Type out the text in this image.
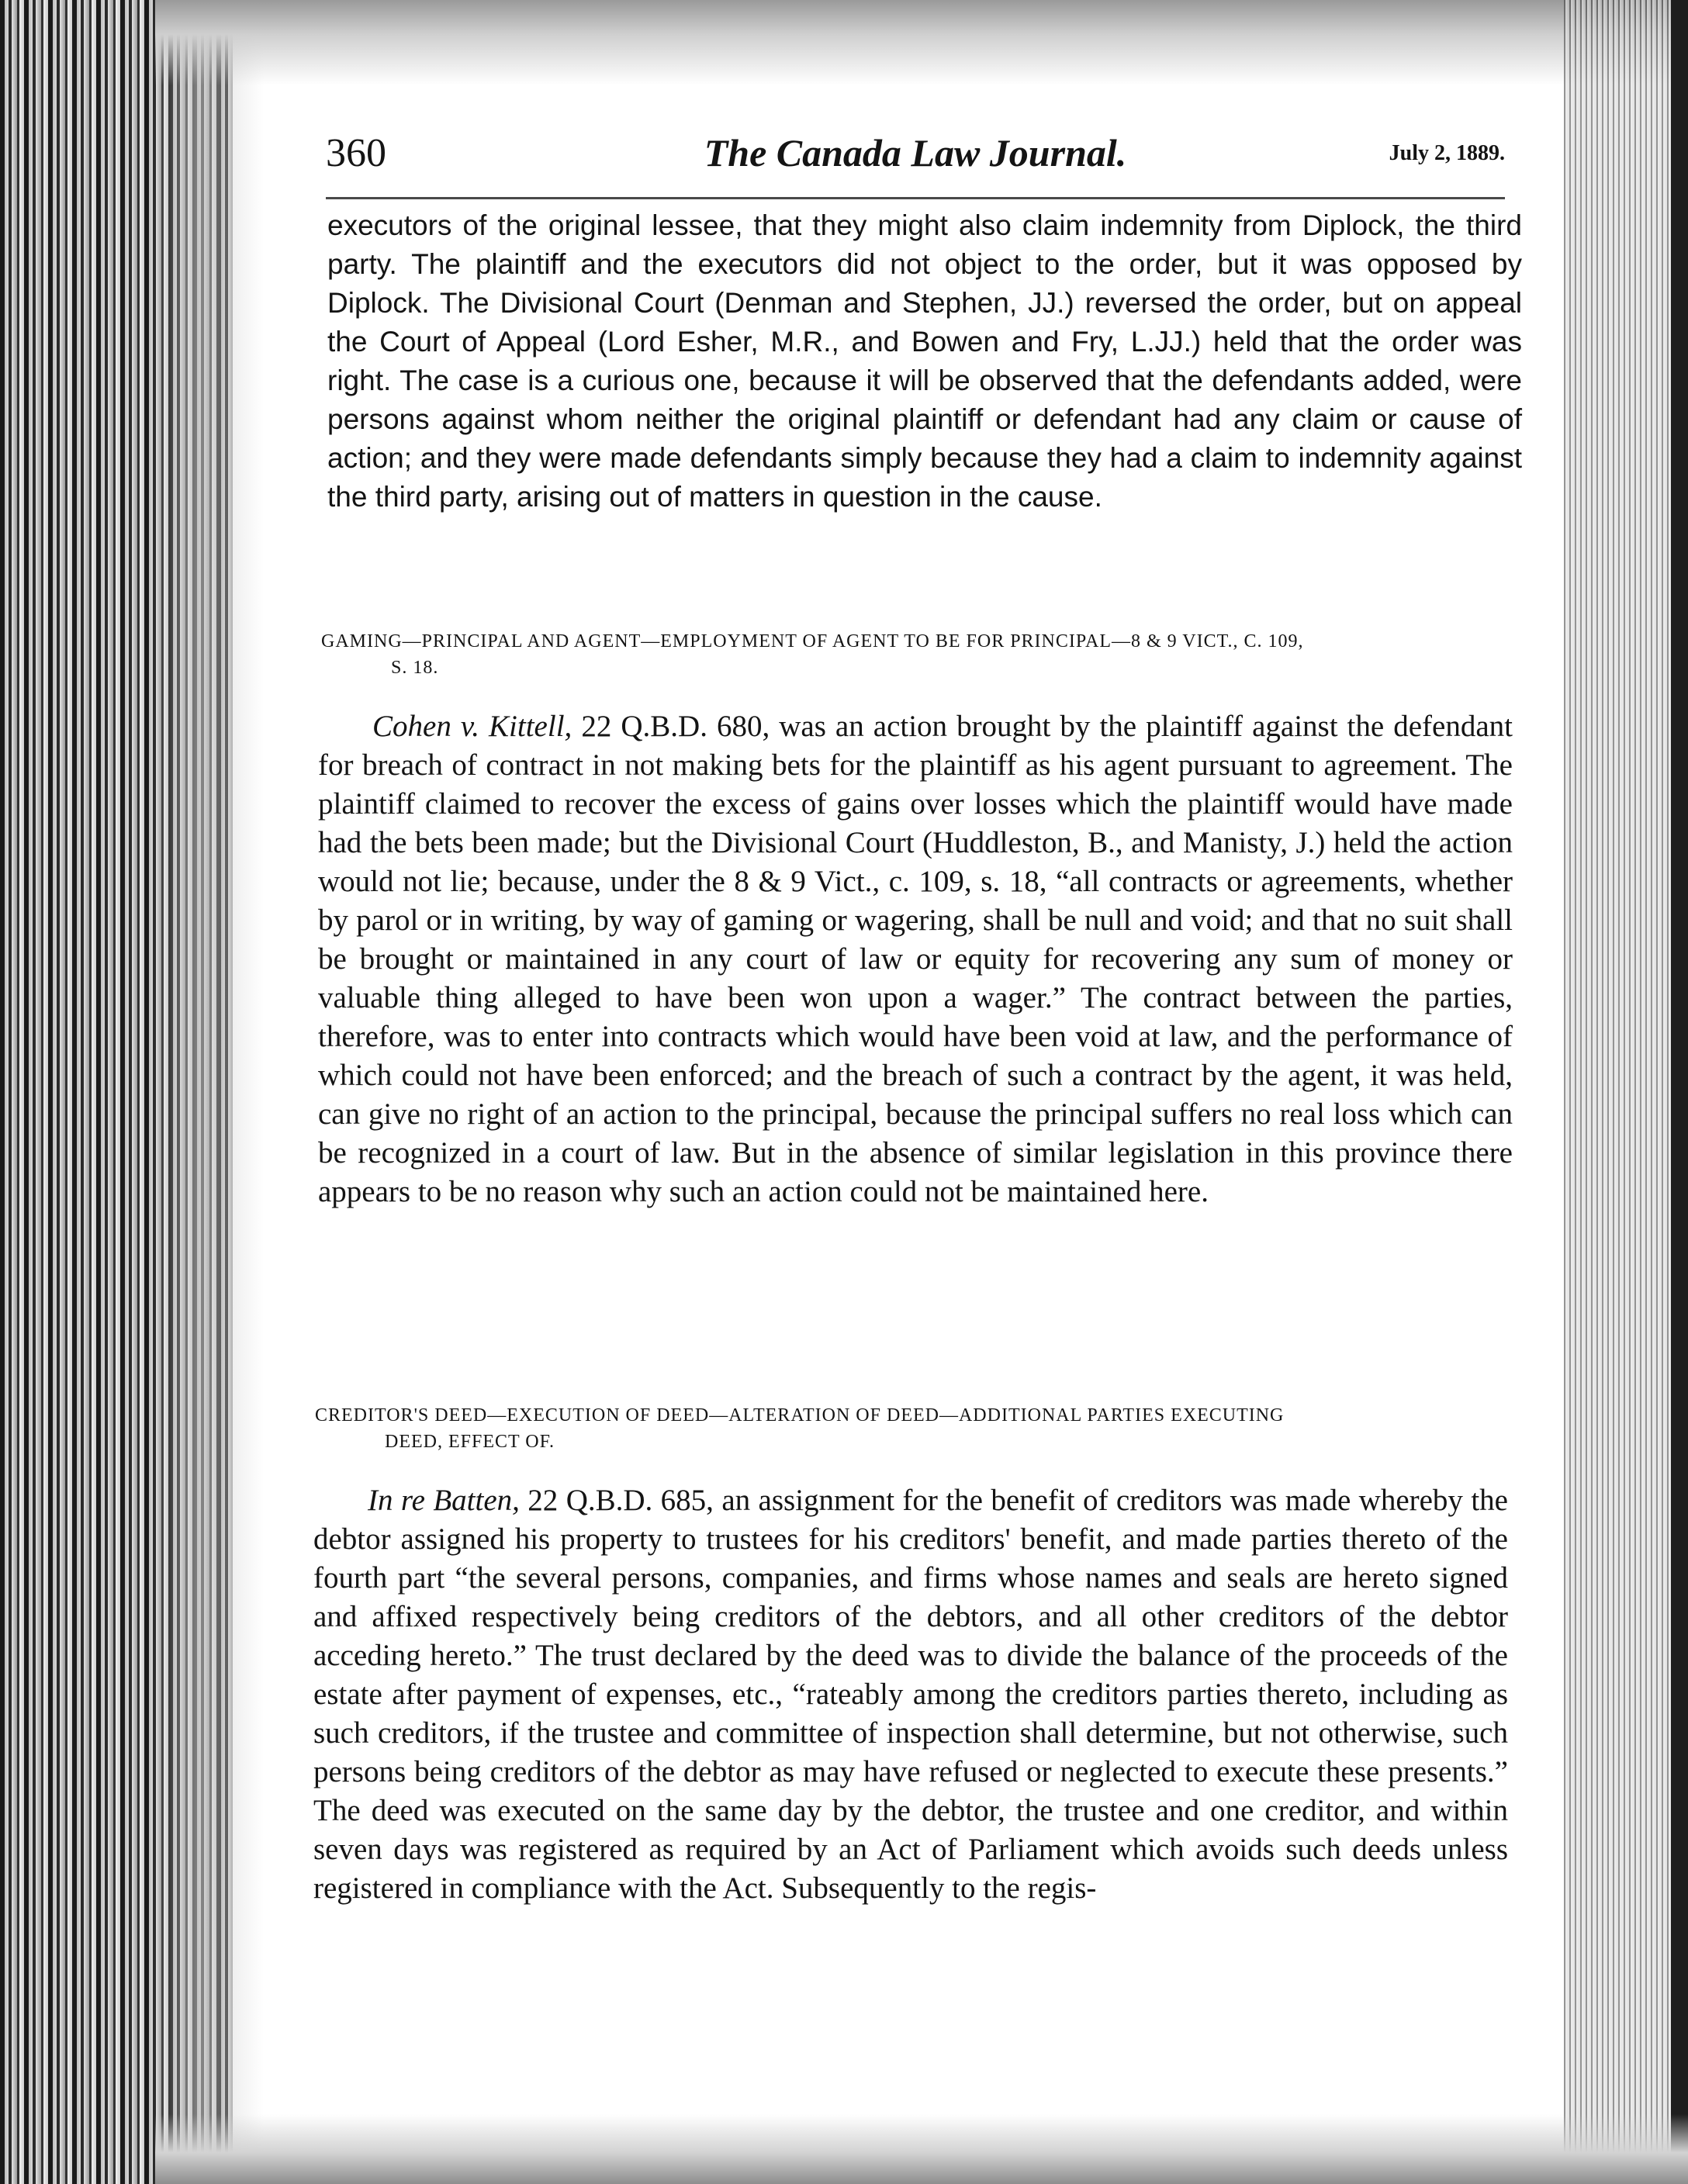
360	The Canada Law Journal.	July 2, 1889.
executors of the original lessee, that they might also claim indemnity from Diplock, the third party. The plaintiff and the executors did not object to the order, but it was opposed by Diplock. The Divisional Court (Denman and Stephen, JJ.) reversed the order, but on appeal the Court of Appeal (Lord Esher, M.R., and Bowen and Fry, L.JJ.) held that the order was right. The case is a curious one, because it will be observed that the defendants added, were persons against whom neither the original plaintiff or defendant had any claim or cause of action; and they were made defendants simply because they had a claim to indemnity against the third party, arising out of matters in question in the cause.
GAMING—PRINCIPAL AND AGENT—EMPLOYMENT OF AGENT TO BE FOR PRINCIPAL—8 & 9 VICT., C. 109,
S. 18.
Cohen v. Kittell, 22 Q.B.D. 680, was an action brought by the plaintiff against the defendant for breach of contract in not making bets for the plaintiff as his agent pursuant to agreement. The plaintiff claimed to recover the excess of gains over losses which the plaintiff would have made had the bets been made; but the Divisional Court (Huddleston, B., and Manisty, J.) held the action would not lie; because, under the 8 & 9 Vict., c. 109, s. 18, “all contracts or agreements, whether by parol or in writing, by way of gaming or wagering, shall be null and void; and that no suit shall be brought or maintained in any court of law or equity for recovering any sum of money or valuable thing alleged to have been won upon a wager.” The contract between the parties, therefore, was to enter into contracts which would have been void at law, and the performance of which could not have been enforced; and the breach of such a contract by the agent, it was held, can give no right of an action to the principal, because the principal suffers no real loss which can be recognized in a court of law. But in the absence of similar legislation in this province there appears to be no reason why such an action could not be maintained here.
CREDITOR'S DEED—EXECUTION OF DEED—ALTERATION OF DEED—ADDITIONAL PARTIES EXECUTING
DEED, EFFECT OF.
In re Batten, 22 Q.B.D. 685, an assignment for the benefit of creditors was made whereby the debtor assigned his property to trustees for his creditors' benefit, and made parties thereto of the fourth part “the several persons, companies, and firms whose names and seals are hereto signed and affixed respectively being creditors of the debtors, and all other creditors of the debtor acceding hereto.” The trust declared by the deed was to divide the balance of the proceeds of the estate after payment of expenses, etc., “rateably among the creditors parties thereto, including as such creditors, if the trustee and committee of inspection shall determine, but not otherwise, such persons being creditors of the debtor as may have refused or neglected to execute these presents.” The deed was executed on the same day by the debtor, the trustee and one creditor, and within seven days was registered as required by an Act of Parliament which avoids such deeds unless registered in compliance with the Act. Subsequently to the regis-
